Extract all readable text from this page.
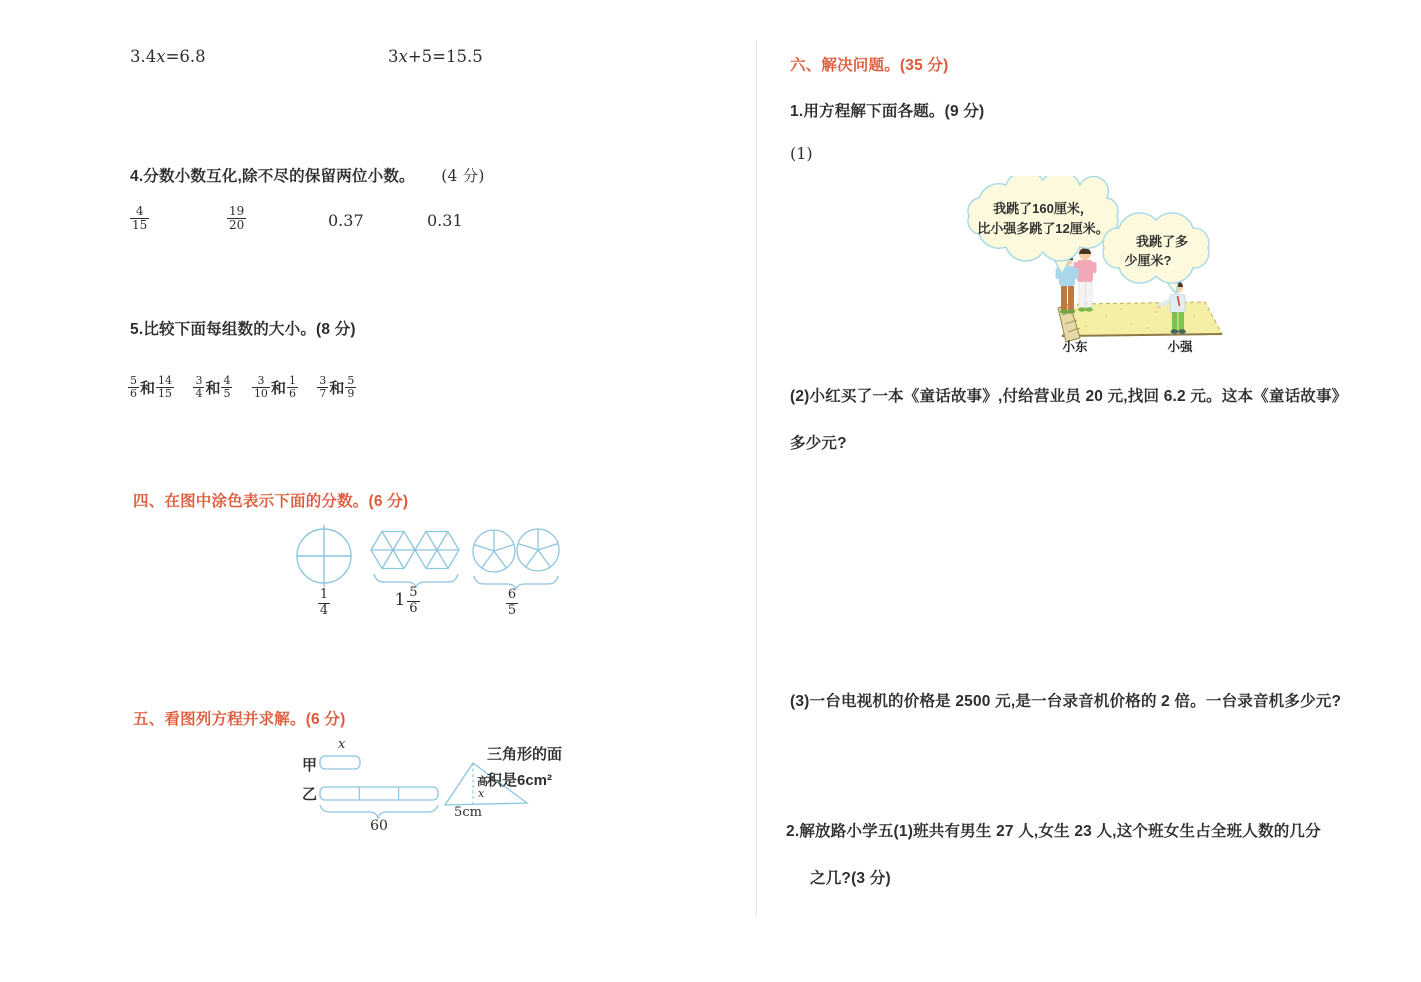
3.4x=6.8	3x+5=15.5
4.分数小数互化,除不尽的保留两位小数。 (4 分)
$\frac{4}{15}$	$\frac{19}{20}$	0.37	0.31
5.比较下面每组数的大小。(8 分)
$\frac{5}{6}$ 和 $\frac{14}{15}$
$\frac{3}{4}$ 和 $\frac{4}{5}$
$\frac{3}{10}$ 和 $\frac{1}{6}$
$\frac{3}{7}$ 和 $\frac{5}{9}$
四、在图中涂色表示下面的分数。(6 分)
$\frac{1}{4}$	$1 \frac{5}{6}$	$\frac{6}{5}$
五、看图列方程并求解。(6 分)
甲
x
乙
60
高
x
5cm
三角形的面积是6cm²
六、解决问题。(35 分)
1.用方程解下面各题。(9 分)
(1)
我跳了160厘米，
比小强多跳了12厘米。
我跳了多
少厘米?
小东	小强
(2)小红买了一本《童话故事》,付给营业员 20 元,找回 6.2 元。这本《童话故事》
多少元?
(3)一台电视机的价格是 2500 元,是一台录音机价格的 2 倍。一台录音机多少元?
2.解放路小学五(1)班共有男生 27 人,女生 23 人,这个班女生占全班人数的几分
之几?(3 分)
